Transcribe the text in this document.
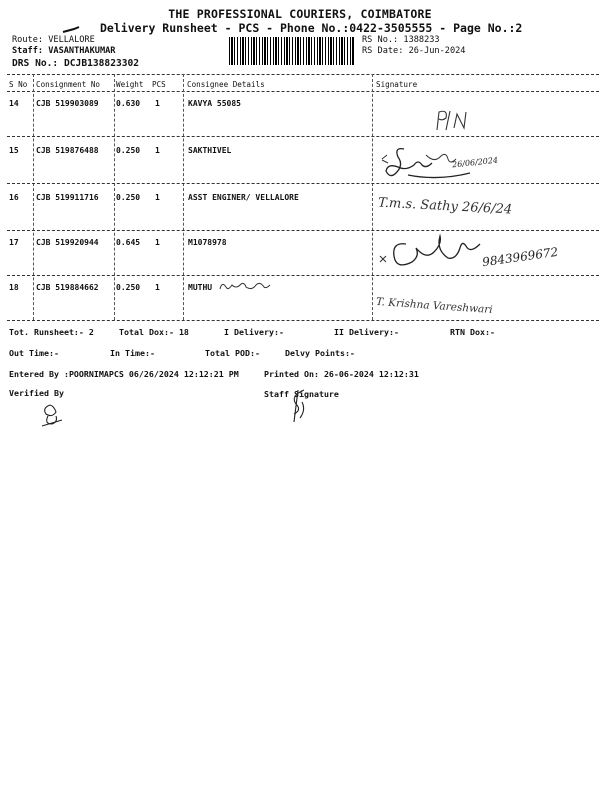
THE PROFESSIONAL COURIERS, COIMBATORE
Delivery Runsheet - PCS - Phone No.:0422-3505555 - Page No.:2
Route: VELLALORE
Staff: VASANTHAKUMAR
DRS No.: DCJB138823302
RS No.: 1388233
RS Date: 26-Jun-2024
S No Consignment No Weight PCS	Consignee Details	Signature
14 CJB 519903089 0.630 1	KAVYA 55085
15 CJB 519876488 0.250 1	SAKTHIVEL
26/06/2024
16 CJB 519911716 0.250 1	ASST ENGINER/ VELLALORE	T.m.s. Sathy 26/6/24
17 CJB 519920944 0.645 1	M1078978
9843969672
18 CJB 519884662 0.250 1	MUTHU
T. Krishna Vareshwari
Tot. Runsheet:- 2	Total Dox:- 18	I Delivery:-	II Delivery:-	RTN Dox:-
Out Time:-	In Time:-	Total POD:-	Delvy Points:-
Entered By :POORNIMAPCS 06/26/2024 12:12:21 PM	Printed On: 26-06-2024 12:12:31
Verified By	Staff Signature
